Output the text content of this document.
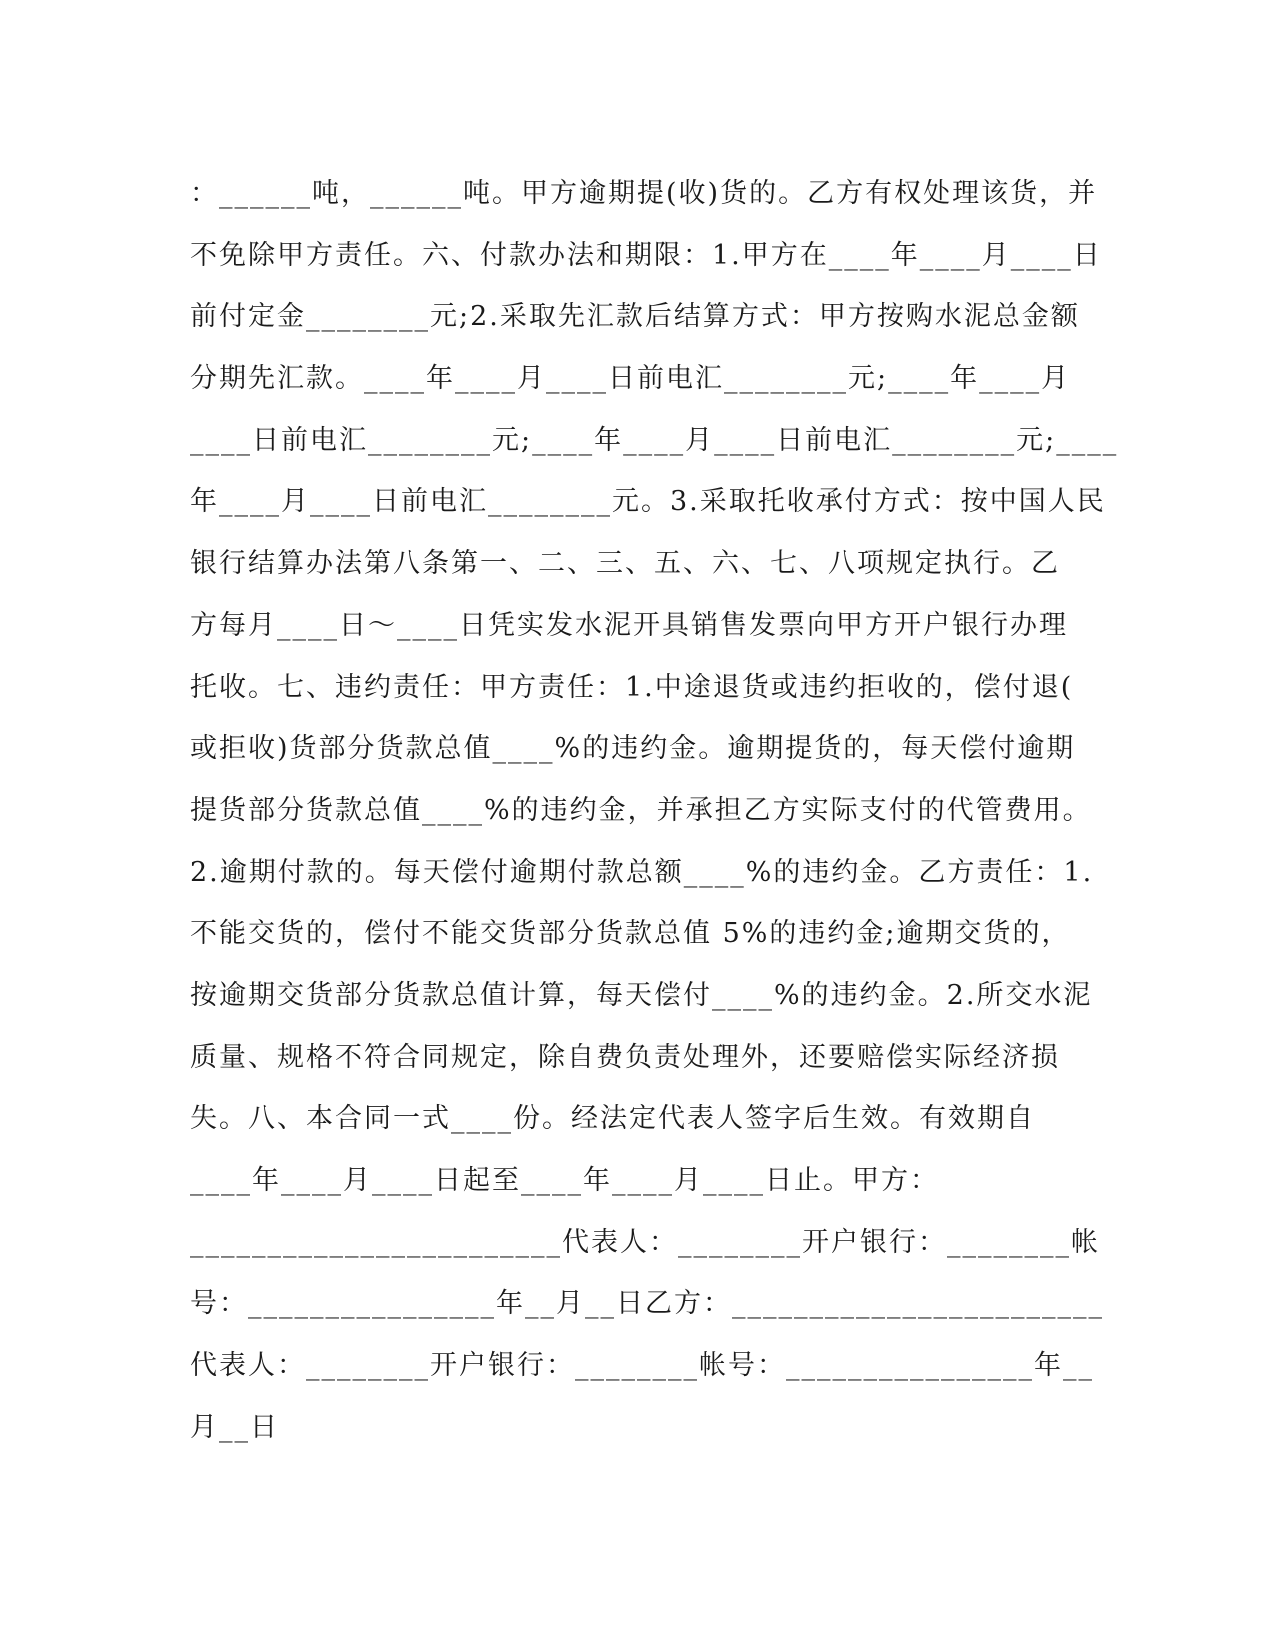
：______吨，______吨。甲方逾期提(收)货的。乙方有权处理该货，并
不免除甲方责任。六、付款办法和期限：1.甲方在____年____月____日
前付定金________元;2.采取先汇款后结算方式：甲方按购水泥总金额
分期先汇款。____年____月____日前电汇________元;____年____月
____日前电汇________元;____年____月____日前电汇________元;____
年____月____日前电汇________元。3.采取托收承付方式：按中国人民
银行结算办法第八条第一、二、三、五、六、七、八项规定执行。乙
方每月____日～____日凭实发水泥开具销售发票向甲方开户银行办理
托收。七、违约责任：甲方责任：1.中途退货或违约拒收的，偿付退(
或拒收)货部分货款总值____%的违约金。逾期提货的，每天偿付逾期
提货部分货款总值____%的违约金，并承担乙方实际支付的代管费用。
2.逾期付款的。每天偿付逾期付款总额____%的违约金。乙方责任：1.
不能交货的，偿付不能交货部分货款总值 5%的违约金;逾期交货的，
按逾期交货部分货款总值计算，每天偿付____%的违约金。2.所交水泥
质量、规格不符合同规定，除自费负责处理外，还要赔偿实际经济损
失。八、本合同一式____份。经法定代表人签字后生效。有效期自
____年____月____日起至____年____月____日止。甲方：
________________________代表人：________开户银行：________帐
号：________________年__月__日乙方：________________________
代表人：________开户银行：________帐号：________________年__
月__日
